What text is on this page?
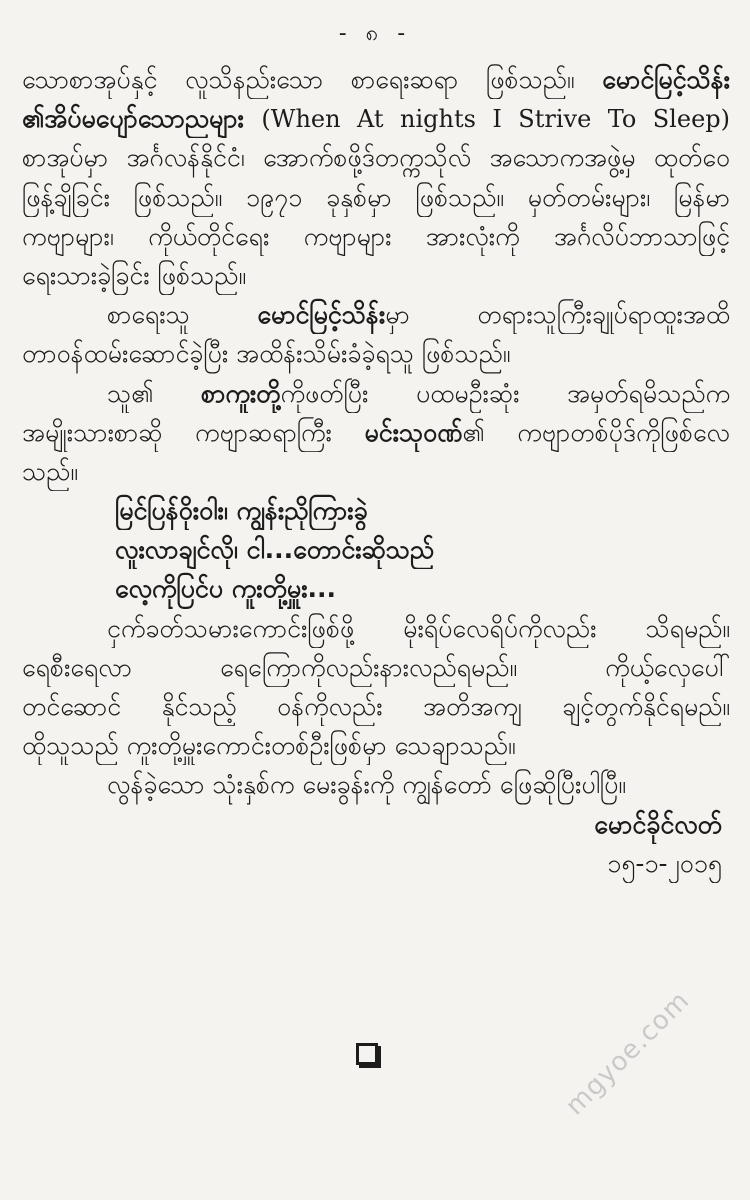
- ၈ -
သောစာအုပ်နှင့် လူသိနည်းသော စာရေးဆရာ ဖြစ်သည်။ မောင်မြင့်သိန်း
၏အိပ်မပျော်သောညများ (When At nights I Strive To Sleep)
စာအုပ်မှာ အင်္ဂလန်နိုင်ငံ၊ အောက်စဖို့ဒ်တက္ကသိုလ် အသောကအဖွဲ့မှ ထုတ်ဝေ
ဖြန့်ချိခြင်း ဖြစ်သည်။ ၁၉၇၁ ခုနှစ်မှာ ဖြစ်သည်။ မှတ်တမ်းများ၊ မြန်မာ
ကဗျာများ၊ ကိုယ်တိုင်ရေး ကဗျာများ အားလုံးကို အင်္ဂလိပ်ဘာသာဖြင့်
ရေးသားခဲ့ခြင်း ဖြစ်သည်။
စာရေးသူ မောင်မြင့်သိန်းမှာ တရားသူကြီးချုပ်ရာထူးအထိ
တာဝန်ထမ်းဆောင်ခဲ့ပြီး အထိန်းသိမ်းခံခဲ့ရသူ ဖြစ်သည်။
သူ၏ စာကူးတို့ကိုဖတ်ပြီး ပထမဦးဆုံး အမှတ်ရမိသည်က
အမျိုးသားစာဆို ကဗျာဆရာကြီး မင်းသုဝဏ်၏ ကဗျာတစ်ပိုဒ်ကိုဖြစ်လေ
သည်။
မြင်ပြန်ဝိုးဝါး၊ ကျွန်းညိုကြားခွဲ
လူးလာချင်လို၊ ငါ...တောင်းဆိုသည်
လေ့ကိုပြင်ပ ကူးတို့မှူး...
ငှက်ခတ်သမားကောင်းဖြစ်ဖို့ မိုးရိပ်လေရိပ်ကိုလည်း သိရမည်။
ရေစီးရေလာ ရေကြောကိုလည်းနားလည်ရမည်။ ကိုယ့်လှေပေါ်
တင်ဆောင် နိုင်သည့် ဝန်ကိုလည်း အတိအကျ ချင့်တွက်နိုင်ရမည်။
ထိုသူသည် ကူးတို့မှူးကောင်းတစ်ဦးဖြစ်မှာ သေချာသည်။
လွန်ခဲ့သော သုံးနှစ်က မေးခွန်းကို ကျွန်တော် ဖြေဆိုပြီးပါပြီ။
မောင်ခိုင်လတ်
၁၅-၁-၂၀၁၅
mgyoe.com
